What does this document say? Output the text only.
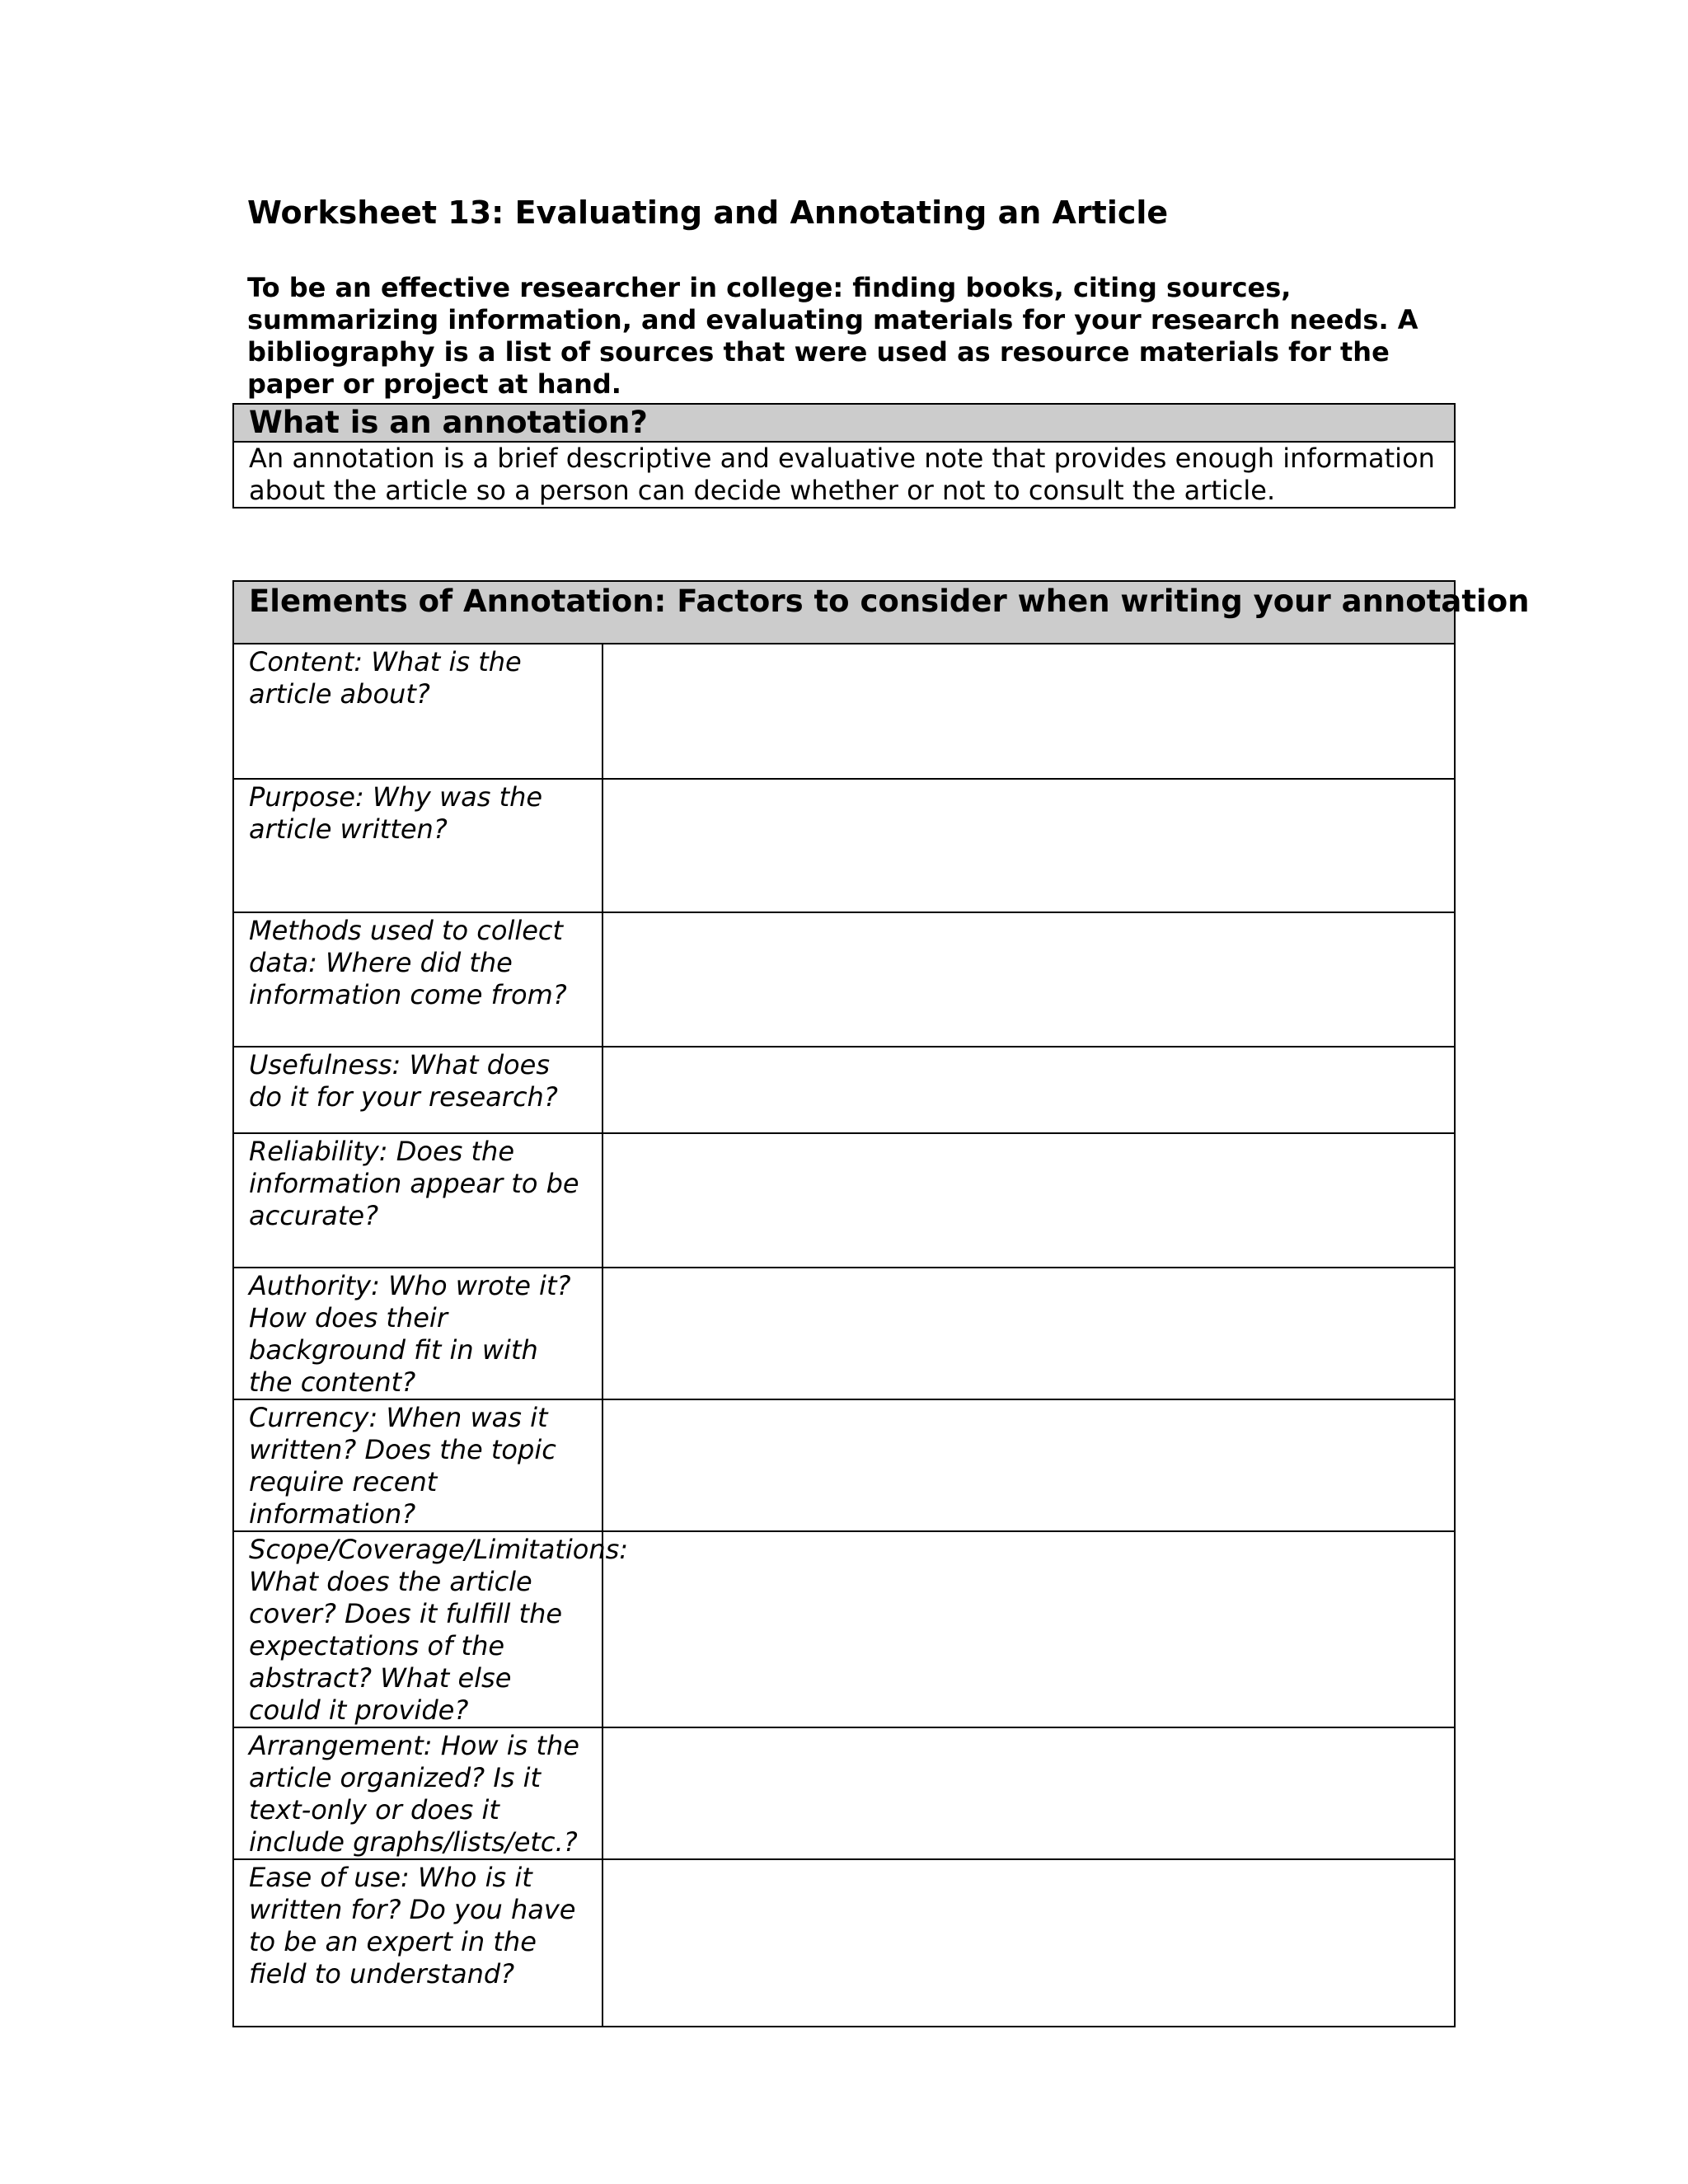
Worksheet 13: Evaluating and Annotating an Article

To be an effective researcher in college: finding books, citing sources, summarizing information, and evaluating materials for your research needs. A bibliography is a list of sources that were used as resource materials for the paper or project at hand.

What is an annotation?
An annotation is a brief descriptive and evaluative note that provides enough information about the article so a person can decide whether or not to consult the article.
Elements of Annotation: Factors to consider when writing your annotation	
Content: What is the article about?	
Purpose: Why was the article written?	
Methods used to collect data: Where did the information come from?	
Usefulness: What does do it for your research?	
Reliability: Does the information appear to be accurate?	
Authority: Who wrote it? How does their background fit in with the content?	
Currency: When was it written? Does the topic require recent information?	
Scope/Coverage/Limitations: What does the article cover? Does it fulfill the expectations of the abstract? What else could it provide?	
Arrangement: How is the article organized? Is it text-only or does it include graphs/lists/etc.?	
Ease of use: Who is it written for? Do you have to be an expert in the field to understand?	
